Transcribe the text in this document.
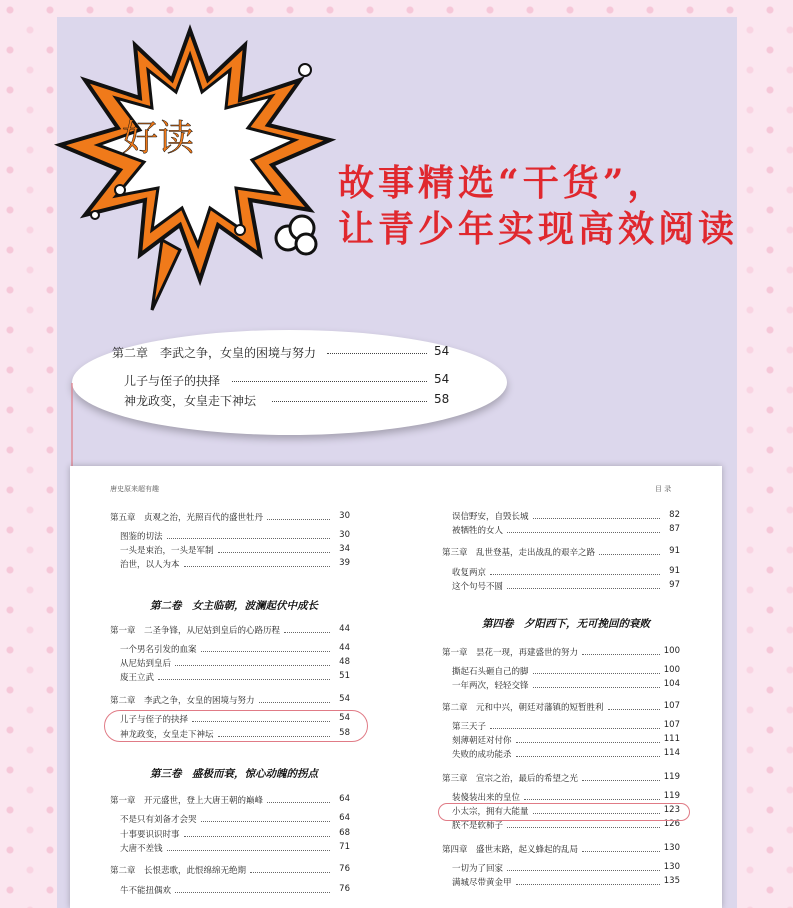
好读
故事精选“干货”，
让青少年实现高效阅读
第二章　李武之争，女皇的困境与努力	54
儿子与侄子的抉择	54
神龙政变，女皇走下神坛	58
唐史原来超有趣	目 录
第五章　贞观之治，光照百代的盛世牡丹	30
图鉴的切法	30
一头是束治，一头是军制	34
治世，以人为本	39
第二卷　女主临朝，波澜起伏中成长
第一章　二圣争锋，从尼姑到皇后的心路历程	44
一个男名引发的血案	44
从尼姑到皇后	48
废王立武	51
第二章　李武之争，女皇的困境与努力	54
儿子与侄子的抉择	54
神龙政变，女皇走下神坛	58
第三卷　盛极而衰，惊心动魄的拐点
第一章　开元盛世，登上大唐王朝的巅峰	64
不是只有刘备才会哭	64
十事要识识时事	68
大唐不差钱	71
第二章　长恨悲歌，此恨绵绵无绝期	76
牛不能扭偶欢	76
误信野安，自毁长城	82
被牺牲的女人	87
第三章　乱世登基，走出战乱的艰辛之路	91
收复两京	91
这个句号不圆	97
第四卷　夕阳西下，无可挽回的衰败
第一章　昙花一现，再建盛世的努力	100
撕起石头砸自己的脚	100
一年两次，轻轻交锋	104
第二章　元和中兴，朝廷对藩镇的短暂胜利	107
第三天子	107
刻薄朝廷对付你	111
失败的成功能杀	114
第三章　宣宗之治，最后的希望之光	119
装傻装出来的皇位	119
小太宗，拥有大能量	123
朕不是软柿子	126
第四章　盛世末路，起义蜂起的乱局	130
一切为了回家	130
满城尽带黄金甲	135
